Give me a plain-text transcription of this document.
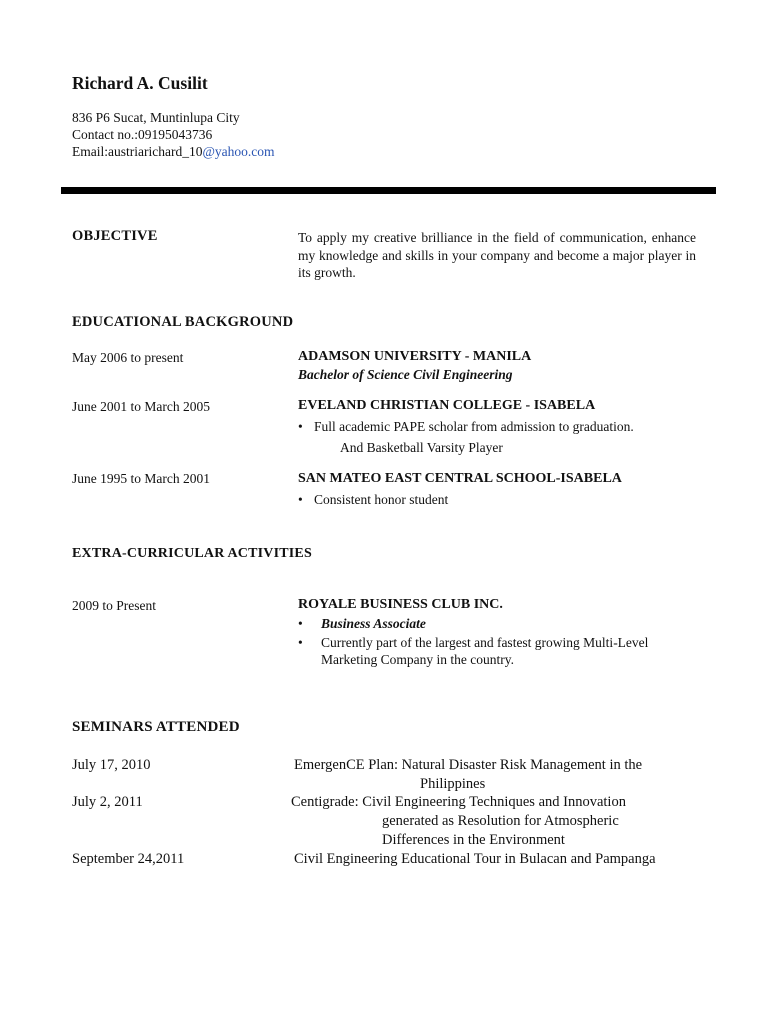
Richard A. Cusilit
836 P6 Sucat, Muntinlupa City
Contact no.:09195043736
Email:austriarichard_10@yahoo.com
OBJECTIVE	To apply my creative brilliance in the field of communication, enhance my knowledge and skills in your company and become a major player in its growth.
EDUCATIONAL BACKGROUND
May 2006 to present	ADAMSON UNIVERSITY - MANILA
Bachelor of Science Civil Engineering
June 2001 to March 2005	EVELAND CHRISTIAN COLLEGE - ISABELA
• Full academic PAPE scholar from admission to graduation.
And Basketball Varsity Player
June 1995 to March 2001	SAN MATEO EAST CENTRAL SCHOOL-ISABELA
• Consistent honor student
EXTRA-CURRICULAR ACTIVITIES
2009 to Present	ROYALE BUSINESS CLUB INC.
• Business Associate
• Currently part of the largest and fastest growing Multi-Level
Marketing Company in the country.
SEMINARS ATTENDED
July 17, 2010	EmergenCE Plan: Natural Disaster Risk Management in the
Philippines
July 2, 2011	Centigrade: Civil Engineering Techniques and Innovation
generated as Resolution for Atmospheric
Differences in the Environment
September 24,2011	Civil Engineering Educational Tour in Bulacan and Pampanga
